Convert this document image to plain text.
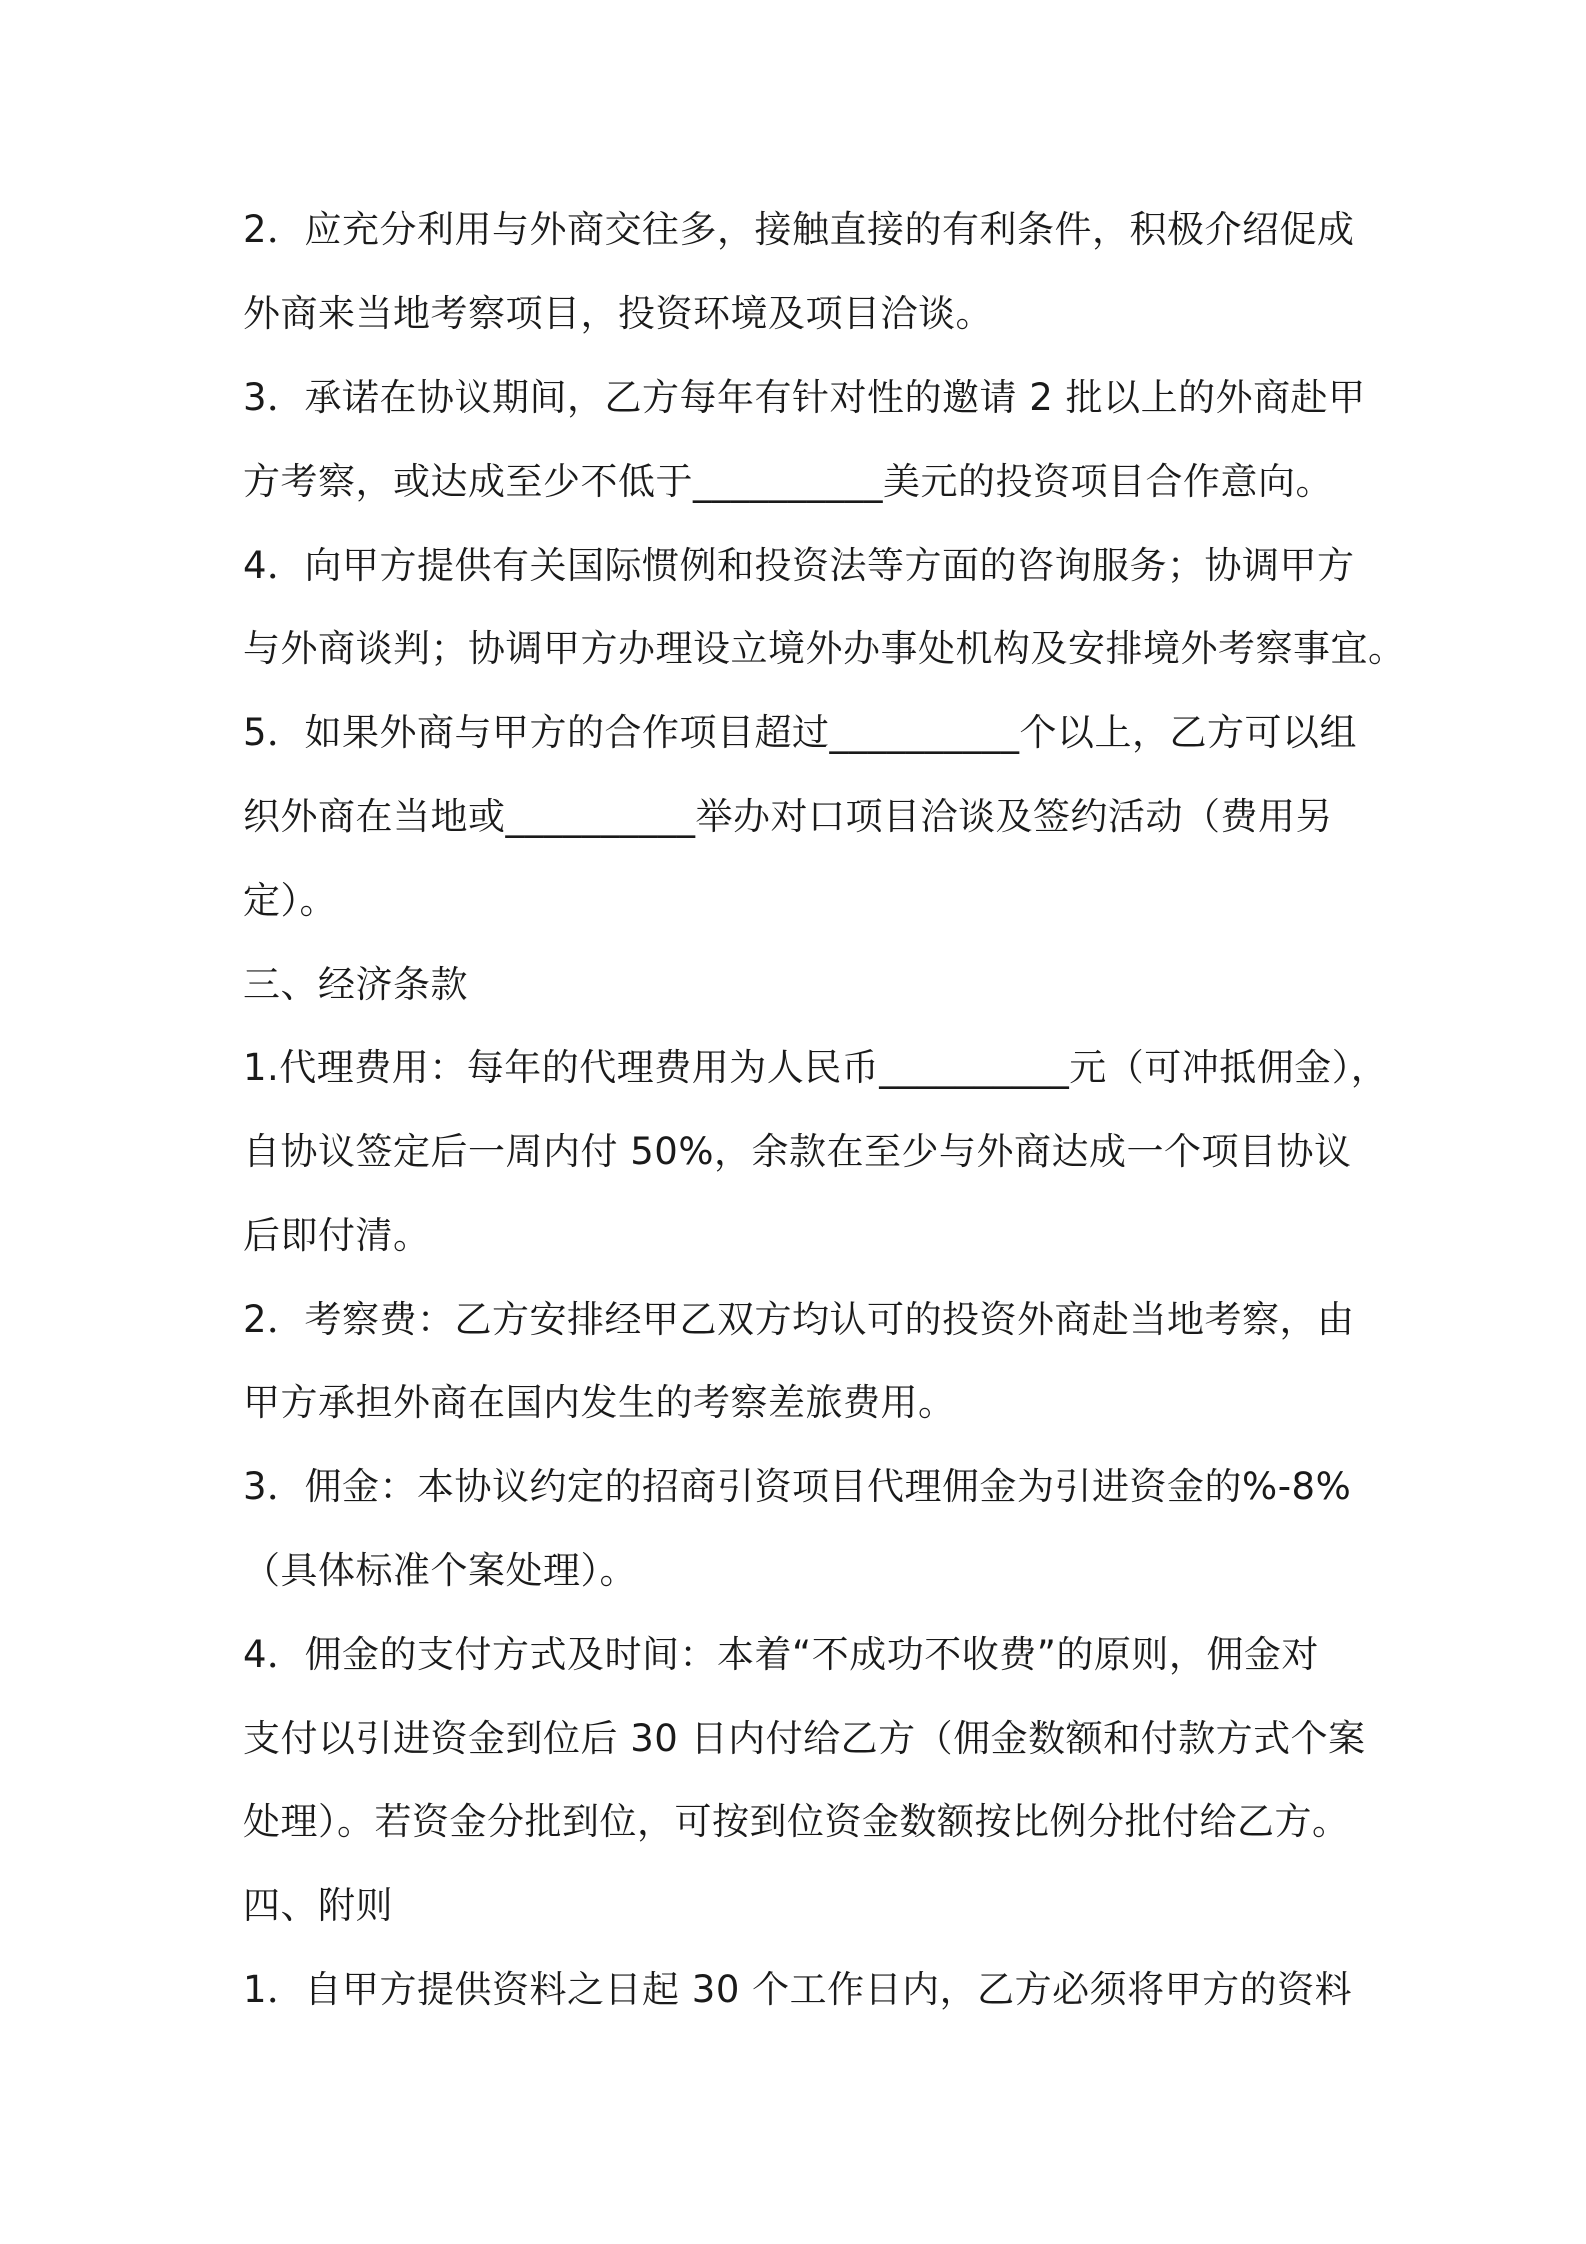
2．应充分利用与外商交往多，接触直接的有利条件，积极介绍促成
外商来当地考察项目，投资环境及项目洽谈。
3．承诺在协议期间，乙方每年有针对性的邀请 2 批以上的外商赴甲
方考察，或达成至少不低于__________美元的投资项目合作意向。
4．向甲方提供有关国际惯例和投资法等方面的咨询服务；协调甲方
与外商谈判；协调甲方办理设立境外办事处机构及安排境外考察事宜。
5．如果外商与甲方的合作项目超过__________个以上，乙方可以组
织外商在当地或__________举办对口项目洽谈及签约活动（费用另
定）。
三、经济条款
1.代理费用：每年的代理费用为人民币__________元（可冲抵佣金），
自协议签定后一周内付 50%，余款在至少与外商达成一个项目协议
后即付清。
2．考察费：乙方安排经甲乙双方均认可的投资外商赴当地考察，由
甲方承担外商在国内发生的考察差旅费用。
3．佣金：本协议约定的招商引资项目代理佣金为引进资金的%-8%
（具体标准个案处理）。
4．佣金的支付方式及时间：本着“不成功不收费”的原则，佣金对
支付以引进资金到位后 30 日内付给乙方（佣金数额和付款方式个案
处理）。若资金分批到位，可按到位资金数额按比例分批付给乙方。
四、附则
1．自甲方提供资料之日起 30 个工作日内，乙方必须将甲方的资料
